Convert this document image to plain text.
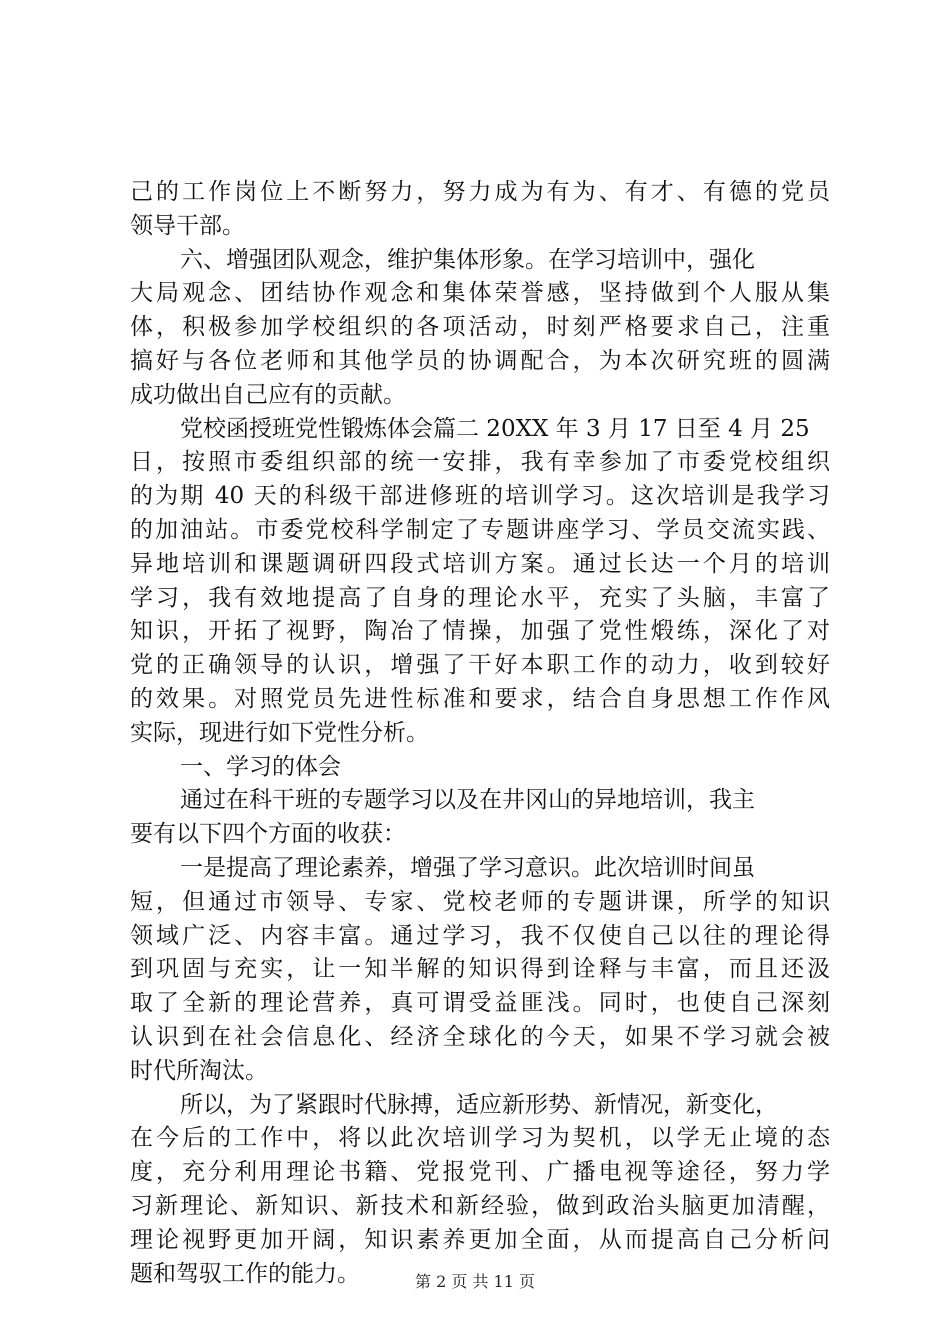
己的工作岗位上不断努力，努力成为有为、有才、有德的党员
领导干部。
六、增强团队观念，维护集体形象。在学习培训中，强化
大局观念、团结协作观念和集体荣誉感，坚持做到个人服从集
体，积极参加学校组织的各项活动，时刻严格要求自己，注重
搞好与各位老师和其他学员的协调配合，为本次研究班的圆满
成功做出自己应有的贡献。
党校函授班党性锻炼体会篇二 20XX 年 3 月 17 日至 4 月 25
日，按照市委组织部的统一安排，我有幸参加了市委党校组织
的为期 40 天的科级干部进修班的培训学习。这次培训是我学习
的加油站。市委党校科学制定了专题讲座学习、学员交流实践、
异地培训和课题调研四段式培训方案。通过长达一个月的培训
学习，我有效地提高了自身的理论水平，充实了头脑，丰富了
知识，开拓了视野，陶冶了情操，加强了党性煅练，深化了对
党的正确领导的认识，增强了干好本职工作的动力，收到较好
的效果。对照党员先进性标准和要求，结合自身思想工作作风
实际，现进行如下党性分析。
一、学习的体会
通过在科干班的专题学习以及在井冈山的异地培训，我主
要有以下四个方面的收获：
一是提高了理论素养，增强了学习意识。此次培训时间虽
短，但通过市领导、专家、党校老师的专题讲课，所学的知识
领域广泛、内容丰富。通过学习，我不仅使自己以往的理论得
到巩固与充实，让一知半解的知识得到诠释与丰富，而且还汲
取了全新的理论营养，真可谓受益匪浅。同时，也使自己深刻
认识到在社会信息化、经济全球化的今天，如果不学习就会被
时代所淘汰。
所以，为了紧跟时代脉搏，适应新形势、新情况，新变化，
在今后的工作中，将以此次培训学习为契机，以学无止境的态
度，充分利用理论书籍、党报党刊、广播电视等途径，努力学
习新理论、新知识、新技术和新经验，做到政治头脑更加清醒，
理论视野更加开阔，知识素养更加全面，从而提高自己分析问
题和驾驭工作的能力。	第 2 页 共 11 页
